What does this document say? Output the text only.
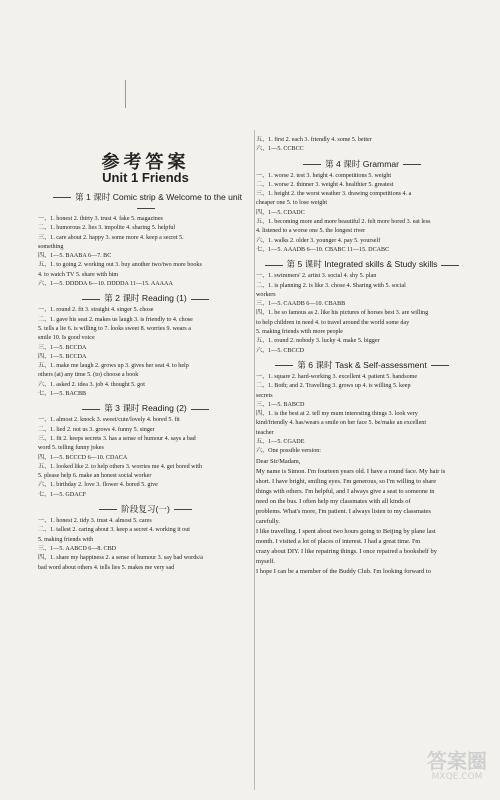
参考答案
Unit 1 Friends
第 1 课时 Comic strip & Welcome to the unit
一、1. honest 2. thirty 3. trust 4. fake 5. magazines
二、1. humorous 2. lies 3. impolite 4. sharing 5. helpful
三、1. care about 2. happy 3. some more 4. keep a secret 5.
something
四、1—5. BAABA 6—7. BC
五、1. to going 2. working out 3. buy another two/two more books
4. to watch TV 5. share with him
六、1—5. DDDDA 6—10. DDDDA 11—15. AAAAA
第 2 课时 Reading (1)
一、1. round 2. fit 3. straight 4. singer 5. chose
二、1. gave his seat 2. makes us laugh 3. is friendly to 4. chose
5. tells a lie 6. is willing to 7. looks sweet 8. worries 9. wears a
smile 10. Is good voice
三、1—5. BCCDA
四、1—5. BCCDA
五、1. make me laugh 2. grows up 3. gives her seat 4. to help
others (at) any time 5. (to) choose a book
六、1. asked 2. idea 3. job 4. thought 5. got
七、1—5. BACBB
第 3 课时 Reading (2)
一、1. almost 2. knock 3. sweet/cute/lovely 4. bored 5. fit
二、1. lied 2. not us 3. grows 4. funny 5. singer
三、1. fit 2. keeps secrets 3. has a sense of humour 4. says a bad
word 5. telling funny jokes
四、1—5. BCCCD 6—10. CDACA
五、1. looked like 2. to help others 3. worries me 4. get bored with
5. please help 6. make an honest social worker
六、1. birthday 2. love 3. flower 4. bored 5. give
七、1—5. GDACF
阶段复习(一)
一、1. honest 2. tidy 3. trust 4. almost 5. cares
二、1. tallest 2. caring about 3. keep a secret 4. working it out
5. making friends with
三、1—5. AABCD 6—8. CBD
四、1. share my happiness 2. a sense of humour 3. say bad words/a
bad word about others 4. tells lies 5. makes me very sad
五、1. first 2. each 3. friendly 4. some 5. better
六、1—5. CCBCC
第 4 课时 Grammar
一、1. worse 2. test 3. height 4. competitions 5. weight
二、1. worse 2. thinner 3. weight 4. healthier 5. greatest
三、1. height 2. the worst weather 3. drawing competitions 4. a
cheaper one 5. to lose weight
四、1—5. CDADC
五、1. becoming more and more beautiful 2. felt more bored 3. eat less
4. listened to a worse one 5. the longest river
六、1. walks 2. older 3. younger 4. pay 5. yourself
七、1—5. AAADB 6—10. CBABC 11—15. DCABC
第 5 课时 Integrated skills & Study skills
一、1. swimmers' 2. artist 3. social 4. shy 5. plan
二、1. is planning 2. is like 3. chose 4. Sharing with 5. social
workers
三、1—5. CAADB 6—10. CBABB
四、1. be so famous as 2. like his pictures of horses best 3. are willing
to help children in need 4. to travel around the world some day
5. making friends with more people
五、1. round 2. nobody 3. lucky 4. make 5. bigger
六、1—5. CBCCD
第 6 课时 Task & Self-assessment
一、1. square 2. hard-working 3. excellent 4. patient 5. handsome
二、1. Both; and 2. Travelling 3. grows up 4. is willing 5. keep
secrets
三、1—5. BABCD
四、1. is the best at 2. tell my mum interesting things 3. look very
kind/friendly 4. has/wears a smile on her face 5. be/make an excellent
teacher
五、1—5. CGADE
六、One possible version:
Dear Sir/Madam,
My name is Simon. I'm fourteen years old. I have a round face. My hair is
short. I have bright, smiling eyes. I'm generous, so I'm willing to share
things with others. I'm helpful, and I always give a seat to someone in
need on the bus. I often help my classmates with all kinds of
problems. What's more, I'm patient. I always listen to my classmates
carefully.
I like travelling. I spent about two hours going to Beijing by plane last
month. I visited a lot of places of interest. I had a great time. I'm
crazy about DIY. I like repairing things. I once repaired a bookshelf by
myself.
I hope I can be a member of the Buddy Club. I'm looking forward to
答案圈
MXQE.COM
